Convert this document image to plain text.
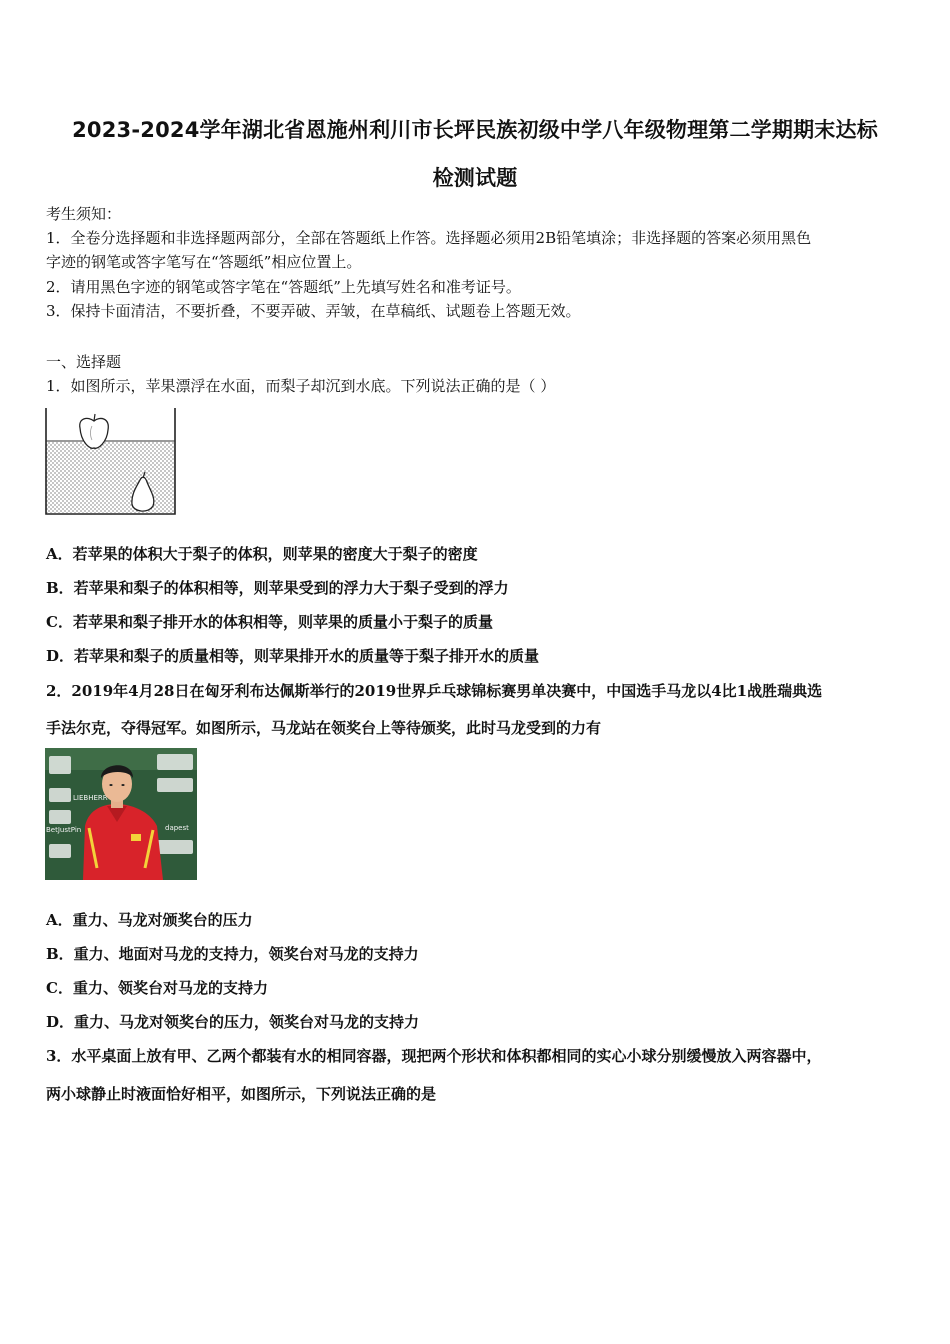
2023-2024学年湖北省恩施州利川市长坪民族初级中学八年级物理第二学期期末达标
检测试题
考生须知：
1．全卷分选择题和非选择题两部分，全部在答题纸上作答。选择题必须用2B铅笔填涂；非选择题的答案必须用黑色
字迹的钢笔或答字笔写在“答题纸”相应位置上。
2．请用黑色字迹的钢笔或答字笔在“答题纸”上先填写姓名和准考证号。
3．保持卡面清洁，不要折叠，不要弄破、弄皱，在草稿纸、试题卷上答题无效。
一、选择题
1．如图所示，苹果漂浮在水面，而梨子却沉到水底。下列说法正确的是（ ）
A．若苹果的体积大于梨子的体积，则苹果的密度大于梨子的密度
B．若苹果和梨子的体积相等，则苹果受到的浮力大于梨子受到的浮力
C．若苹果和梨子排开水的体积相等，则苹果的质量小于梨子的质量
D．若苹果和梨子的质量相等，则苹果排开水的质量等于梨子排开水的质量
2．2019年4月28日在匈牙利布达佩斯举行的2019世界乒乓球锦标赛男单决赛中，中国选手马龙以4比1战胜瑞典选
手法尔克，夺得冠军。如图所示，马龙站在领奖台上等待颁奖，此时马龙受到的力有
LIEBHERR
dapest
BetJustPin
A．重力、马龙对颁奖台的压力
B．重力、地面对马龙的支持力，领奖台对马龙的支持力
C．重力、领奖台对马龙的支持力
D．重力、马龙对领奖台的压力，领奖台对马龙的支持力
3．水平桌面上放有甲、乙两个都装有水的相同容器，现把两个形状和体积都相同的实心小球分别缓慢放入两容器中，
两小球静止时液面恰好相平，如图所示，下列说法正确的是
